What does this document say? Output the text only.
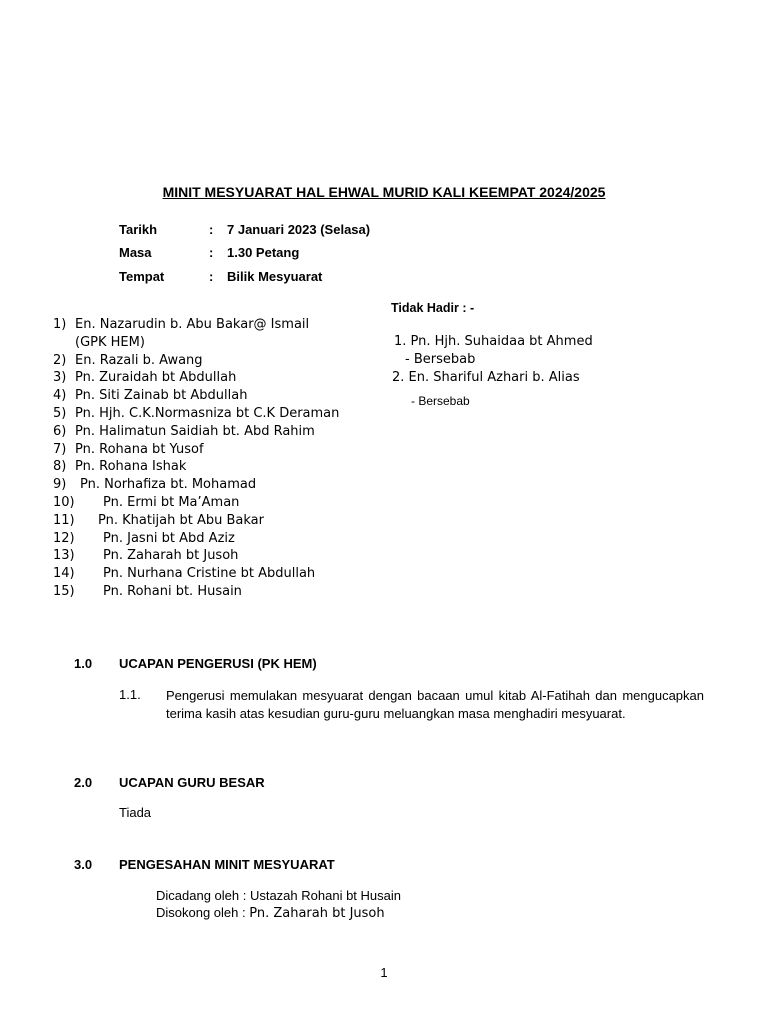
MINIT MESYUARAT HAL EHWAL MURID KALI KEEMPAT 2024/2025
Tarikh	: 7 Januari 2023 (Selasa)
Masa	: 1.30 Petang
Tempat	: Bilik Mesyuarat
Tidak Hadir : -
1) En. Nazarudin b. Abu Bakar@ Ismail
(GPK HEM)
2) En. Razali b. Awang
3) Pn. Zuraidah bt Abdullah
4) Pn. Siti Zainab bt Abdullah
5) Pn. Hjh. C.K.Normasniza bt C.K Deraman
6) Pn. Halimatun Saidiah bt. Abd Rahim
7) Pn. Rohana bt Yusof
8) Pn. Rohana Ishak
9) Pn. Norhafiza bt. Mohamad
10) Pn. Ermi bt Ma’Aman
11) Pn. Khatijah bt Abu Bakar
12) Pn. Jasni bt Abd Aziz
13) Pn. Zaharah bt Jusoh
14) Pn. Nurhana Cristine bt Abdullah
15) Pn. Rohani bt. Husain
1. Pn. Hjh. Suhaidaa bt Ahmed
- Bersebab
2. En. Shariful Azhari b. Alias
- Bersebab
1.0 UCAPAN PENGERUSI (PK HEM)
1.1. Pengerusi memulakan mesyuarat dengan bacaan umul kitab Al-Fatihah dan mengucapkan terima kasih atas kesudian guru-guru meluangkan masa menghadiri mesyuarat.
2.0 UCAPAN GURU BESAR
Tiada
3.0 PENGESAHAN MINIT MESYUARAT
Dicadang oleh : Ustazah Rohani bt Husain
Disokong oleh : Pn. Zaharah bt Jusoh
1
